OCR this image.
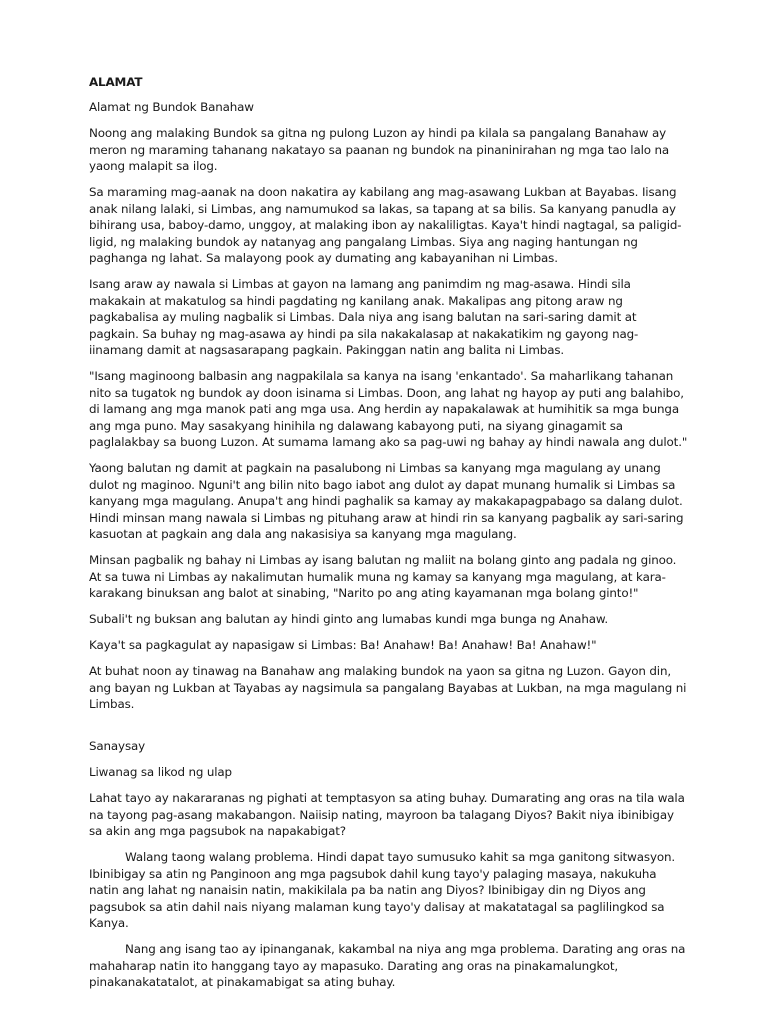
ALAMAT

Alamat ng Bundok Banahaw

Noong ang malaking Bundok sa gitna ng pulong Luzon ay hindi pa kilala sa pangalang Banahaw ay meron ng maraming tahanang nakatayo sa paanan ng bundok na pinaninirahan ng mga tao lalo na yaong malapit sa ilog.

Sa maraming mag-aanak na doon nakatira ay kabilang ang mag-asawang Lukban at Bayabas. Iisang anak nilang lalaki, si Limbas, ang namumukod sa lakas, sa tapang at sa bilis. Sa kanyang panudla ay bihirang usa, baboy-damo, unggoy, at malaking ibon ay nakaliligtas. Kaya't hindi nagtagal, sa paligid-ligid, ng malaking bundok ay natanyag ang pangalang Limbas. Siya ang naging hantungan ng paghanga ng lahat. Sa malayong pook ay dumating ang kabayanihan ni Limbas.

Isang araw ay nawala si Limbas at gayon na lamang ang panimdim ng mag-asawa. Hindi sila makakain at makatulog sa hindi pagdating ng kanilang anak. Makalipas ang pitong araw ng pagkabalisa ay muling nagbalik si Limbas. Dala niya ang isang balutan na sari-saring damit at pagkain. Sa buhay ng mag-asawa ay hindi pa sila nakakalasap at nakakatikim ng gayong nag-iinamang damit at nagsasarapang pagkain. Pakinggan natin ang balita ni Limbas.

"Isang maginoong balbasin ang nagpakilala sa kanya na isang 'enkantado'. Sa maharlikang tahanan nito sa tugatok ng bundok ay doon isinama si Limbas. Doon, ang lahat ng hayop ay puti ang balahibo, di lamang ang mga manok pati ang mga usa. Ang herdin ay napakalawak at humihitik sa mga bunga ang mga puno. May sasakyang hinihila ng dalawang kabayong puti, na siyang ginagamit sa paglalakbay sa buong Luzon. At sumama lamang ako sa pag-uwi ng bahay ay hindi nawala ang dulot."

Yaong balutan ng damit at pagkain na pasalubong ni Limbas sa kanyang mga magulang ay unang dulot ng maginoo. Nguni't ang bilin nito bago iabot ang dulot ay dapat munang humalik si Limbas sa kanyang mga magulang. Anupa't ang hindi paghalik sa kamay ay makakapagpabago sa dalang dulot. Hindi minsan mang nawala si Limbas ng pituhang araw at hindi rin sa kanyang pagbalik ay sari-saring kasuotan at pagkain ang dala ang nakasisiya sa kanyang mga magulang.

Minsan pagbalik ng bahay ni Limbas ay isang balutan ng maliit na bolang ginto ang padala ng ginoo. At sa tuwa ni Limbas ay nakalimutan humalik muna ng kamay sa kanyang mga magulang, at kara-karakang binuksan ang balot at sinabing, "Narito po ang ating kayamanan mga bolang ginto!"

Subali't ng buksan ang balutan ay hindi ginto ang lumabas kundi mga bunga ng Anahaw.

Kaya't sa pagkagulat ay napasigaw si Limbas: Ba! Anahaw! Ba! Anahaw! Ba! Anahaw!"

At buhat noon ay tinawag na Banahaw ang malaking bundok na yaon sa gitna ng Luzon. Gayon din, ang bayan ng Lukban at Tayabas ay nagsimula sa pangalang Bayabas at Lukban, na mga magulang ni Limbas.

Sanaysay

Liwanag sa likod ng ulap

Lahat tayo ay nakararanas ng pighati at temptasyon sa ating buhay. Dumarating ang oras na tila wala na tayong pag-asang makabangon. Naiisip nating, mayroon ba talagang Diyos? Bakit niya ibinibigay sa akin ang mga pagsubok na napakabigat?

Walang taong walang problema. Hindi dapat tayo sumusuko kahit sa mga ganitong sitwasyon. Ibinibigay sa atin ng Panginoon ang mga pagsubok dahil kung tayo'y palaging masaya, nakukuha natin ang lahat ng nanaisin natin, makikilala pa ba natin ang Diyos? Ibinibigay din ng Diyos ang pagsubok sa atin dahil nais niyang malaman kung tayo'y dalisay at makatatagal sa paglilingkod sa Kanya.

Nang ang isang tao ay ipinanganak, kakambal na niya ang mga problema. Darating ang oras na mahaharap natin ito hanggang tayo ay mapasuko. Darating ang oras na pinakamalungkot, pinakanakatatalot, at pinakamabigat sa ating buhay.
